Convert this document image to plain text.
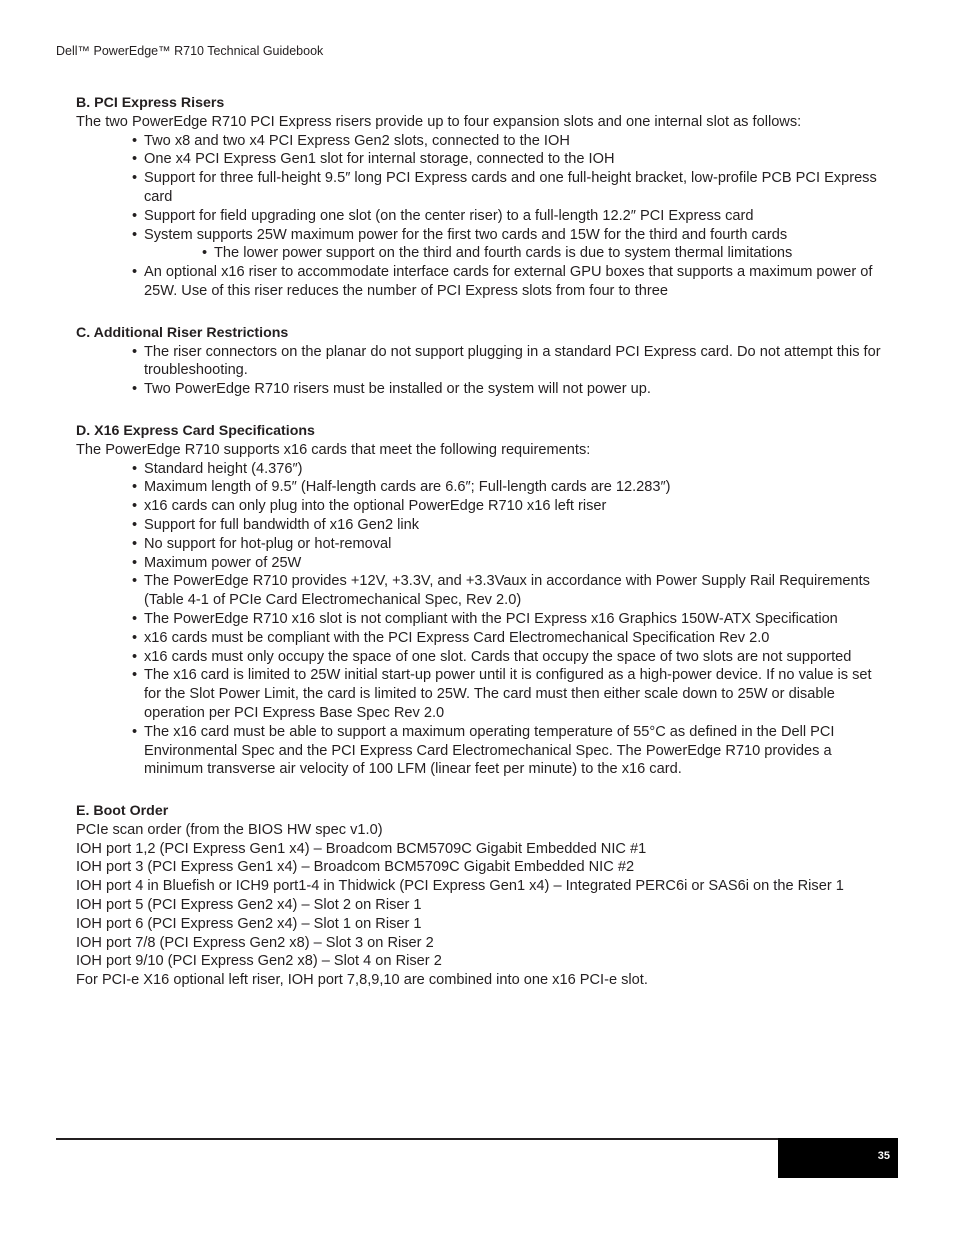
Dell™ PowerEdge™ R710 Technical Guidebook
B. PCI Express Risers

The two PowerEdge R710 PCI Express risers provide up to four expansion slots and one internal slot as follows:

• Two x8 and two x4 PCI Express Gen2 slots, connected to the IOH
• One x4 PCI Express Gen1 slot for internal storage, connected to the IOH
• Support for three full-height 9.5″ long PCI Express cards and one full-height bracket, low-profile PCB PCI Express card
• Support for field upgrading one slot (on the center riser) to a full-length 12.2″ PCI Express card
• System supports 25W maximum power for the first two cards and 15W for the third and fourth cards
• The lower power support on the third and fourth cards is due to system thermal limitations
• An optional x16 riser to accommodate interface cards for external GPU boxes that supports a maximum power of 25W. Use of this riser reduces the number of PCI Express slots from four to three
C. Additional Riser Restrictions
• The riser connectors on the planar do not support plugging in a standard PCI Express card. Do not attempt this for troubleshooting.
• Two PowerEdge R710 risers must be installed or the system will not power up.
D. X16 Express Card Specifications

The PowerEdge R710 supports x16 cards that meet the following requirements:

• Standard height (4.376″)
• Maximum length of 9.5″ (Half-length cards are 6.6″; Full-length cards are 12.283″)
• x16 cards can only plug into the optional PowerEdge R710 x16 left riser
• Support for full bandwidth of x16 Gen2 link
• No support for hot-plug or hot-removal
• Maximum power of 25W
• The PowerEdge R710 provides +12V, +3.3V, and +3.3Vaux in accordance with Power Supply Rail Requirements (Table 4-1 of PCIe Card Electromechanical Spec, Rev 2.0)
• The PowerEdge R710 x16 slot is not compliant with the PCI Express x16 Graphics 150W-ATX Specification
• x16 cards must be compliant with the PCI Express Card Electromechanical Specification Rev 2.0
• x16 cards must only occupy the space of one slot. Cards that occupy the space of two slots are not supported
• The x16 card is limited to 25W initial start-up power until it is configured as a high-power device. If no value is set for the Slot Power Limit, the card is limited to 25W. The card must then either scale down to 25W or disable operation per PCI Express Base Spec Rev 2.0
• The x16 card must be able to support a maximum operating temperature of 55°C as defined in the Dell PCI Environmental Spec and the PCI Express Card Electromechanical Spec. The PowerEdge R710 provides a minimum transverse air velocity of 100 LFM (linear feet per minute) to the x16 card.
E. Boot Order

PCIe scan order (from the BIOS HW spec v1.0)

IOH port 1,2 (PCI Express Gen1 x4) – Broadcom BCM5709C Gigabit Embedded NIC #1

IOH port 3 (PCI Express Gen1 x4) – Broadcom BCM5709C Gigabit Embedded NIC #2

IOH port 4 in Bluefish or ICH9 port1-4 in Thidwick (PCI Express Gen1 x4) – Integrated PERC6i or SAS6i on the Riser 1

IOH port 5 (PCI Express Gen2 x4) – Slot 2 on Riser 1

IOH port 6 (PCI Express Gen2 x4) – Slot 1 on Riser 1

IOH port 7/8 (PCI Express Gen2 x8) – Slot 3 on Riser 2

IOH port 9/10 (PCI Express Gen2 x8) – Slot 4 on Riser 2

For PCI-e X16 optional left riser, IOH port 7,8,9,10 are combined into one x16 PCI-e slot.

35
